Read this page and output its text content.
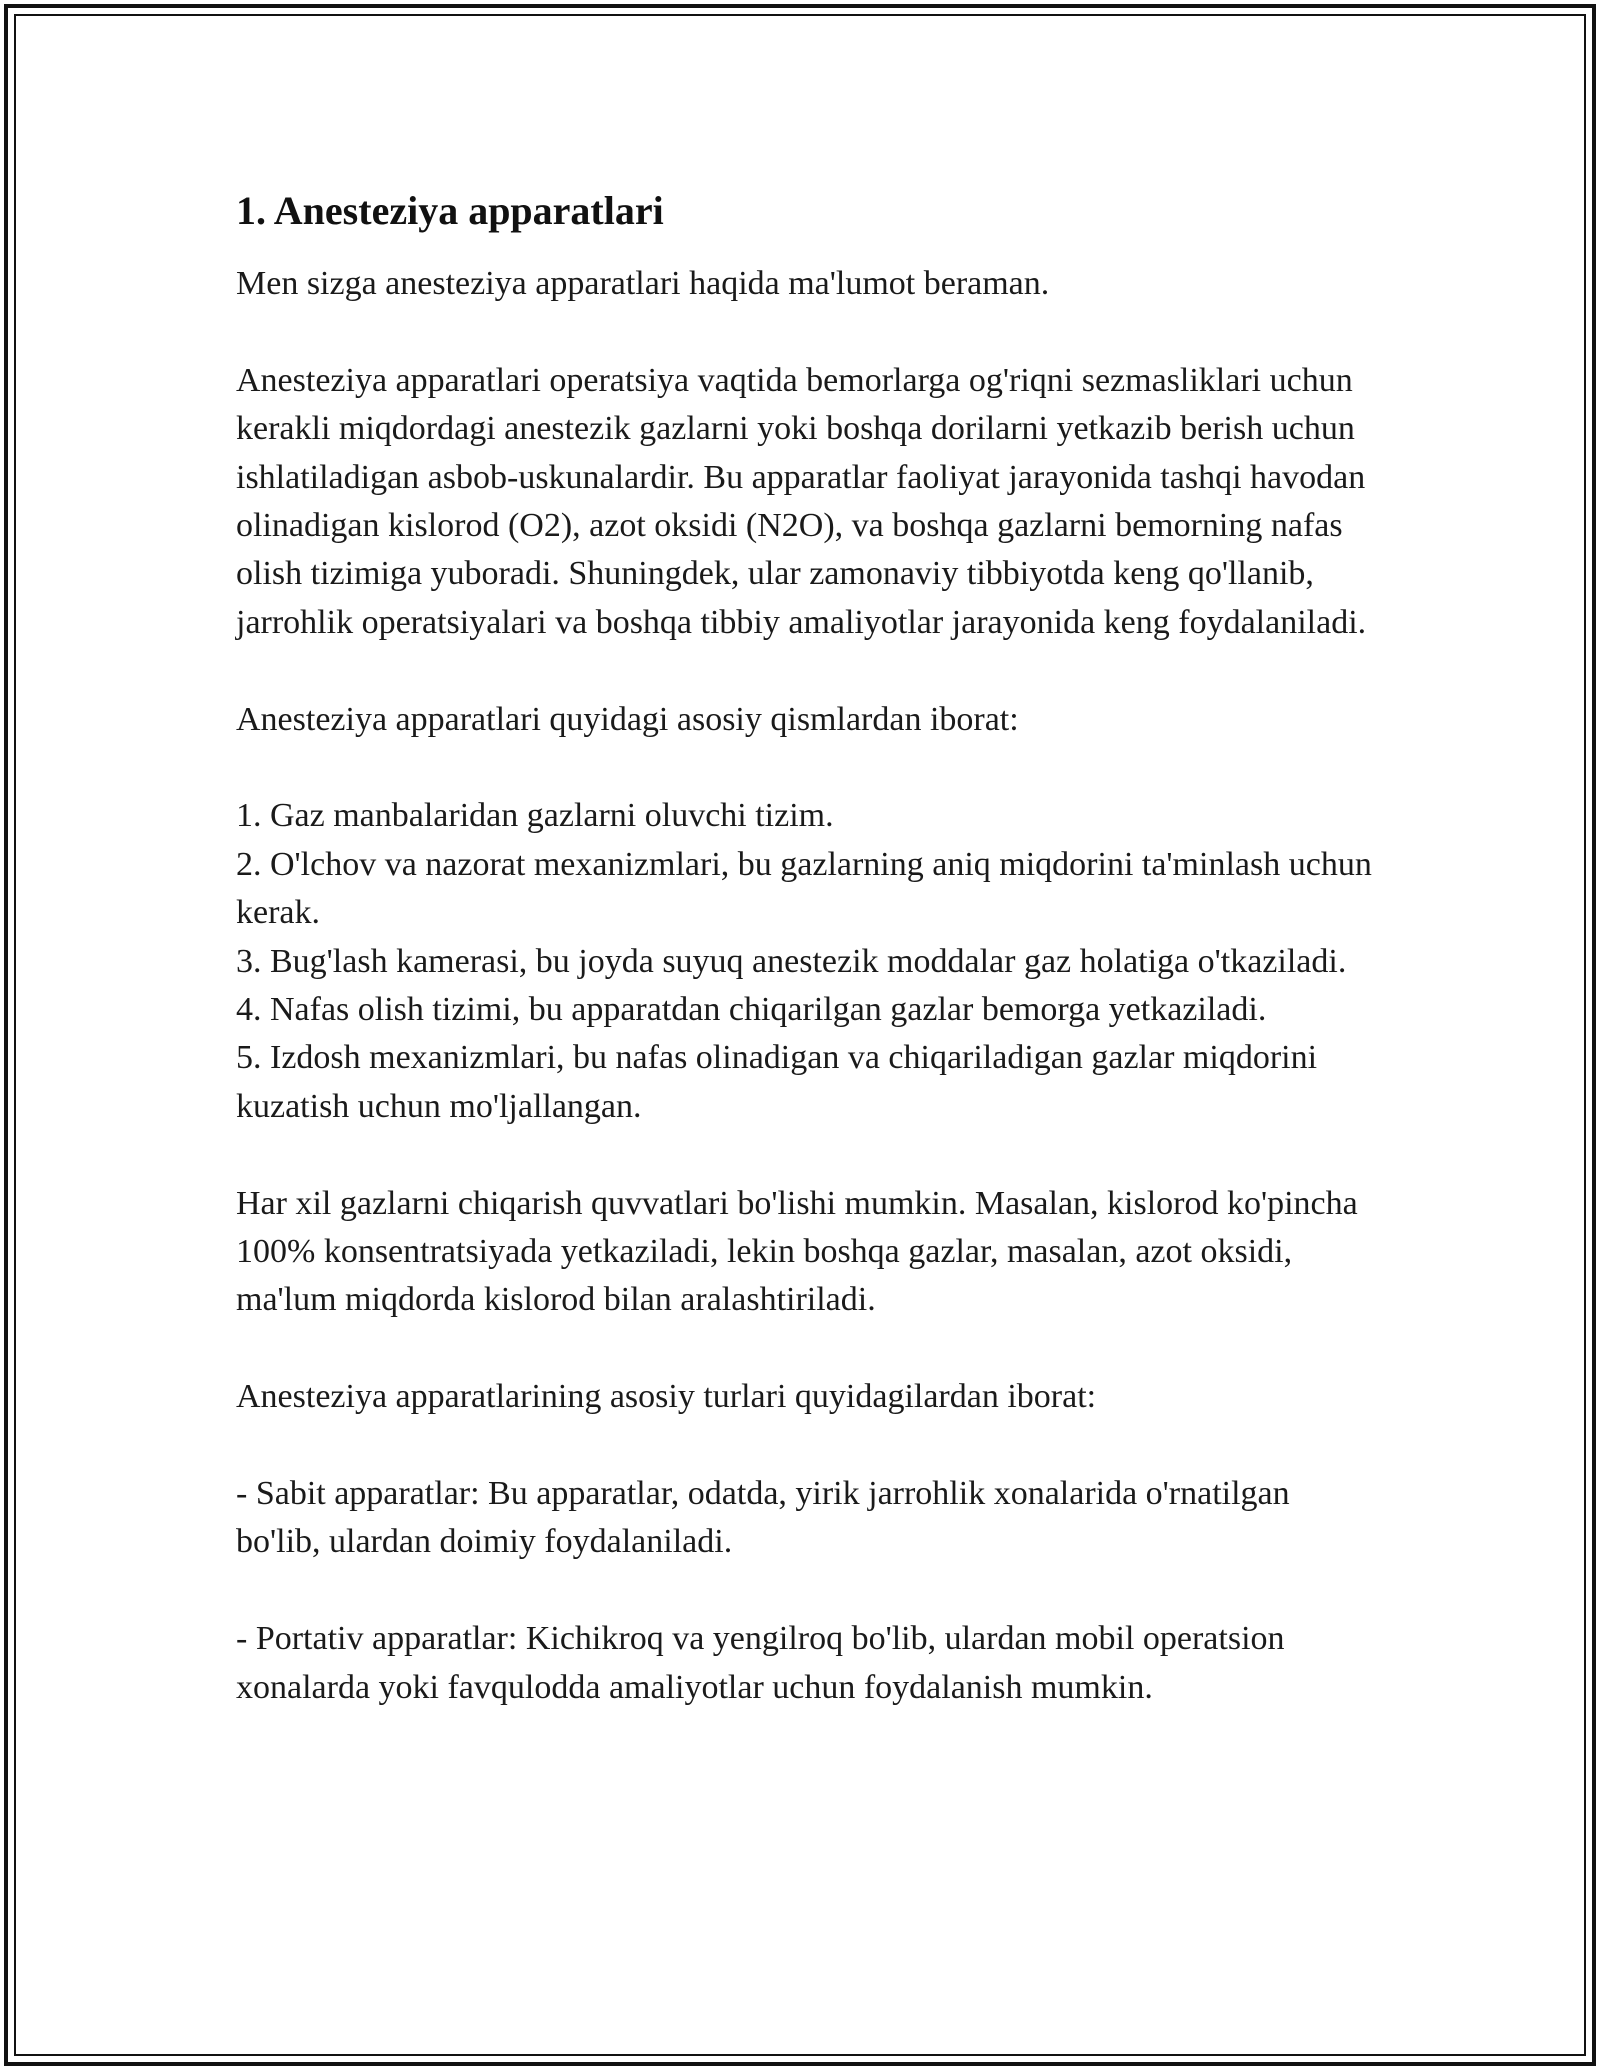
1. Anesteziya apparatlari

Men sizga anesteziya apparatlari haqida ma'lumot beraman.

Anesteziya apparatlari operatsiya vaqtida bemorlarga og'riqni sezmasliklari uchun kerakli miqdordagi anestezik gazlarni yoki boshqa dorilarni yetkazib berish uchun ishlatiladigan asbob-uskunalardir. Bu apparatlar faoliyat jarayonida tashqi havodan olinadigan kislorod (O2), azot oksidi (N2O), va boshqa gazlarni bemorning nafas olish tizimiga yuboradi. Shuningdek, ular zamonaviy tibbiyotda keng qo'llanib, jarrohlik operatsiyalari va boshqa tibbiy amaliyotlar jarayonida keng foydalaniladi.

Anesteziya apparatlari quyidagi asosiy qismlardan iborat:

1. Gaz manbalaridan gazlarni oluvchi tizim.

2. O'lchov va nazorat mexanizmlari, bu gazlarning aniq miqdorini ta'minlash uchun kerak.

3. Bug'lash kamerasi, bu joyda suyuq anestezik moddalar gaz holatiga o'tkaziladi.

4. Nafas olish tizimi, bu apparatdan chiqarilgan gazlar bemorga yetkaziladi.

5. Izdosh mexanizmlari, bu nafas olinadigan va chiqariladigan gazlar miqdorini kuzatish uchun mo'ljallangan.

Har xil gazlarni chiqarish quvvatlari bo'lishi mumkin. Masalan, kislorod ko'pincha 100% konsentratsiyada yetkaziladi, lekin boshqa gazlar, masalan, azot oksidi, ma'lum miqdorda kislorod bilan aralashtiriladi.

Anesteziya apparatlarining asosiy turlari quyidagilardan iborat:

- Sabit apparatlar: Bu apparatlar, odatda, yirik jarrohlik xonalarida o'rnatilgan bo'lib, ulardan doimiy foydalaniladi.

- Portativ apparatlar: Kichikroq va yengilroq bo'lib, ulardan mobil operatsion xonalarda yoki favqulodda amaliyotlar uchun foydalanish mumkin.
